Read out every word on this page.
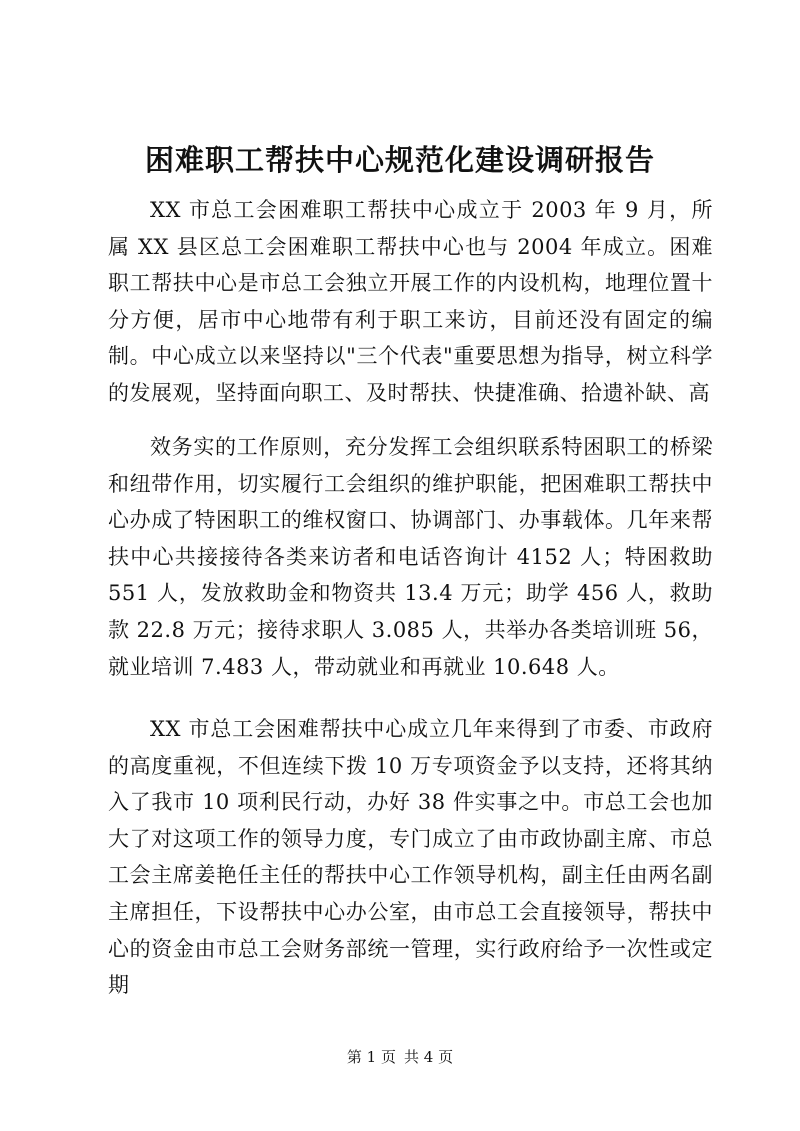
困难职工帮扶中心规范化建设调研报告
XX 市总工会困难职工帮扶中心成立于 2003 年 9 月，所属 XX 县区总工会困难职工帮扶中心也与 2004 年成立。困难职工帮扶中心是市总工会独立开展工作的内设机构，地理位置十分方便，居市中心地带有利于职工来访，目前还没有固定的编制。中心成立以来坚持以"三个代表"重要思想为指导，树立科学的发展观，坚持面向职工、及时帮扶、快捷准确、拾遗补缺、高
效务实的工作原则，充分发挥工会组织联系特困职工的桥梁和纽带作用，切实履行工会组织的维护职能，把困难职工帮扶中心办成了特困职工的维权窗口、协调部门、办事载体。几年来帮扶中心共接接待各类来访者和电话咨询计 4152 人；特困救助 551 人，发放救助金和物资共 13.4 万元；助学 456 人，救助款 22.8 万元；接待求职人 3.085 人，共举办各类培训班 56，就业培训 7.483 人，带动就业和再就业 10.648 人。
XX 市总工会困难帮扶中心成立几年来得到了市委、市政府的高度重视，不但连续下拨 10 万专项资金予以支持，还将其纳入了我市 10 项利民行动，办好 38 件实事之中。市总工会也加大了对这项工作的领导力度，专门成立了由市政协副主席、市总工会主席姜艳任主任的帮扶中心工作领导机构，副主任由两名副主席担任，下设帮扶中心办公室，由市总工会直接领导，帮扶中心的资金由市总工会财务部统一管理，实行政府给予一次性或定期
第 1 页 共 4 页
